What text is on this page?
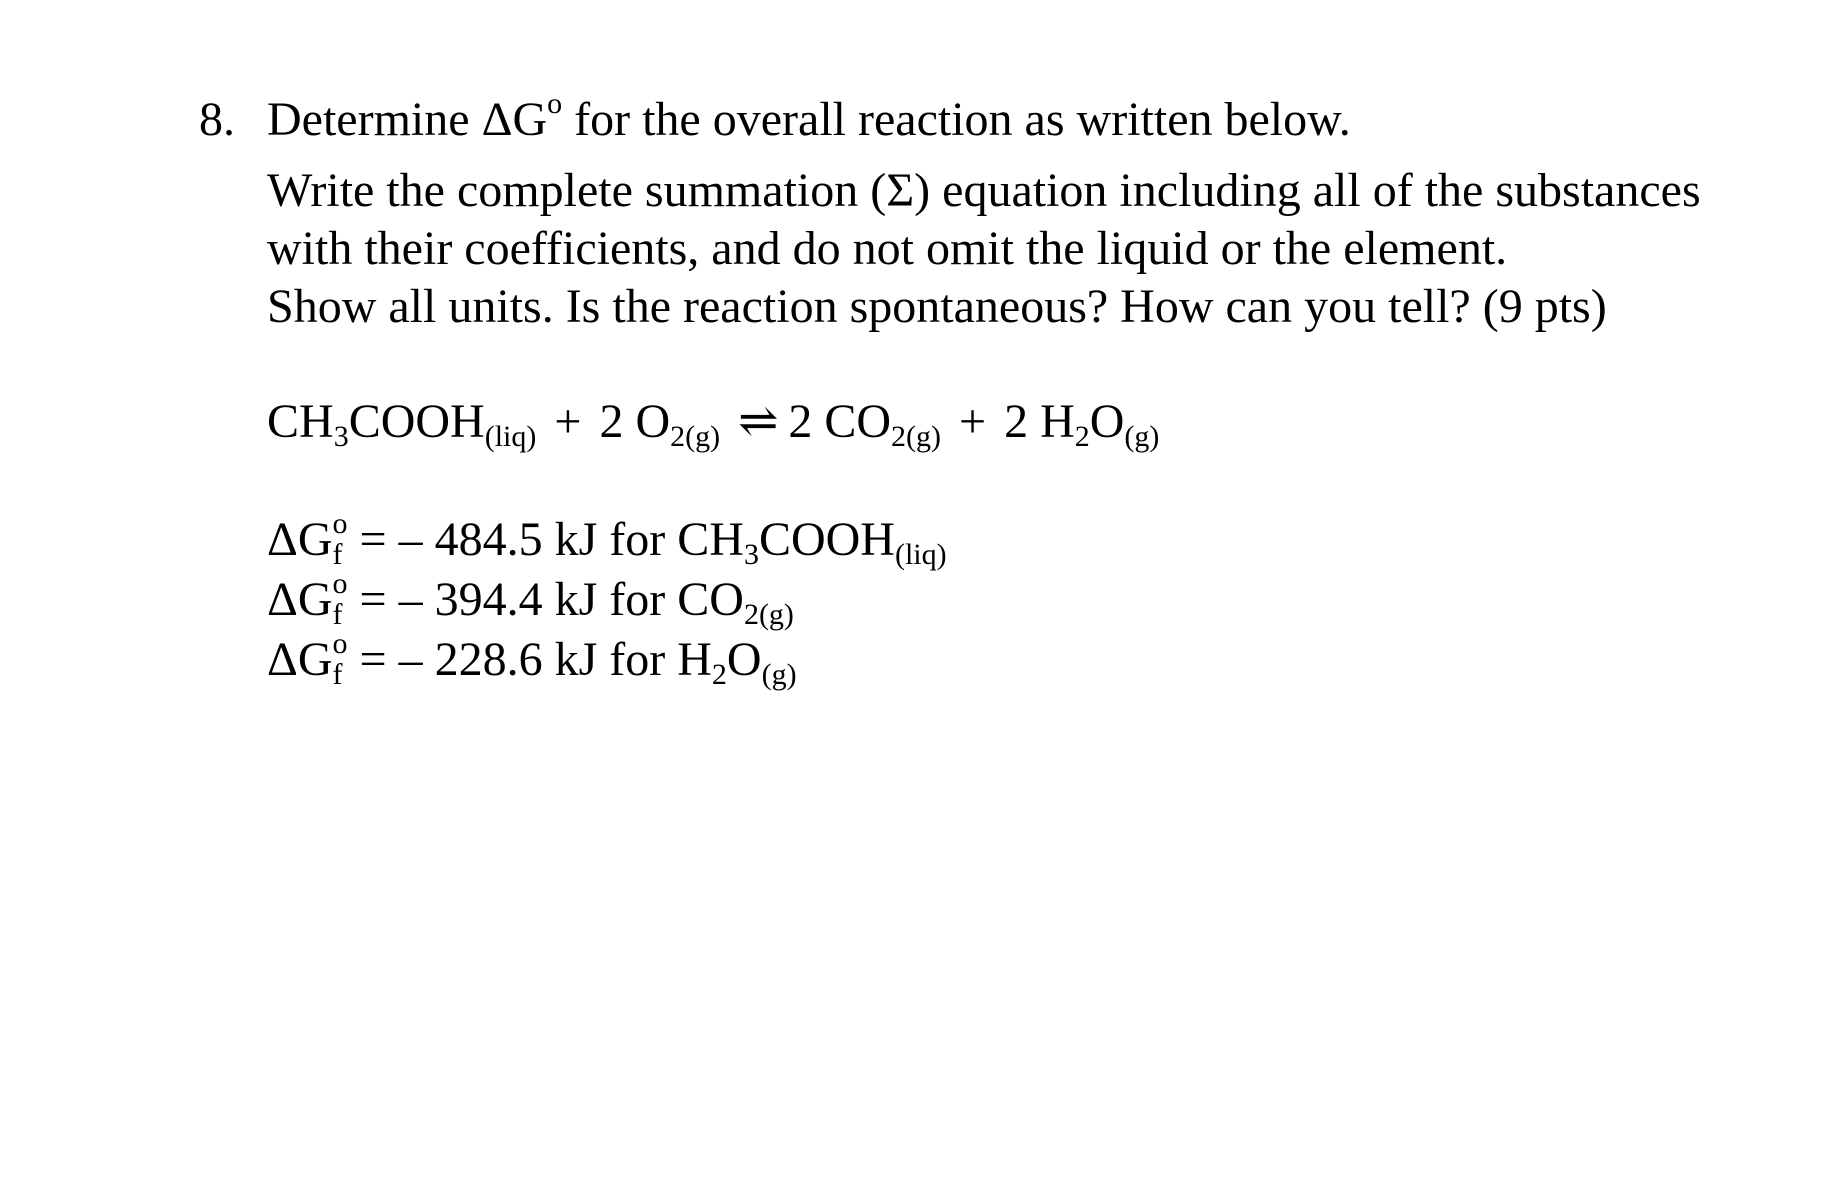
8. Determine $\Delta G^o$ for the overall reaction as written below.
Write the complete summation (Σ) equation including all of the substances
with their coefficients, and do not omit the liquid or the element.
Show all units. Is the reaction spontaneous? How can you tell? (9 pts)
$CH_3COOH_{(liq)} + 2$ $O_{2(g)}$ ⇌ 2 $CO_{2(g)} + 2$ $H_2O_{(g)}$
$\Delta G_f^o$ = – 484.5 kJ for $CH_3COOH_{(liq)}$
$\Delta G_f^o$ = – 394.4 kJ for $CO_{2(g)}$
$\Delta G_f^o$ = – 228.6 kJ for $H_2O_{(g)}$
